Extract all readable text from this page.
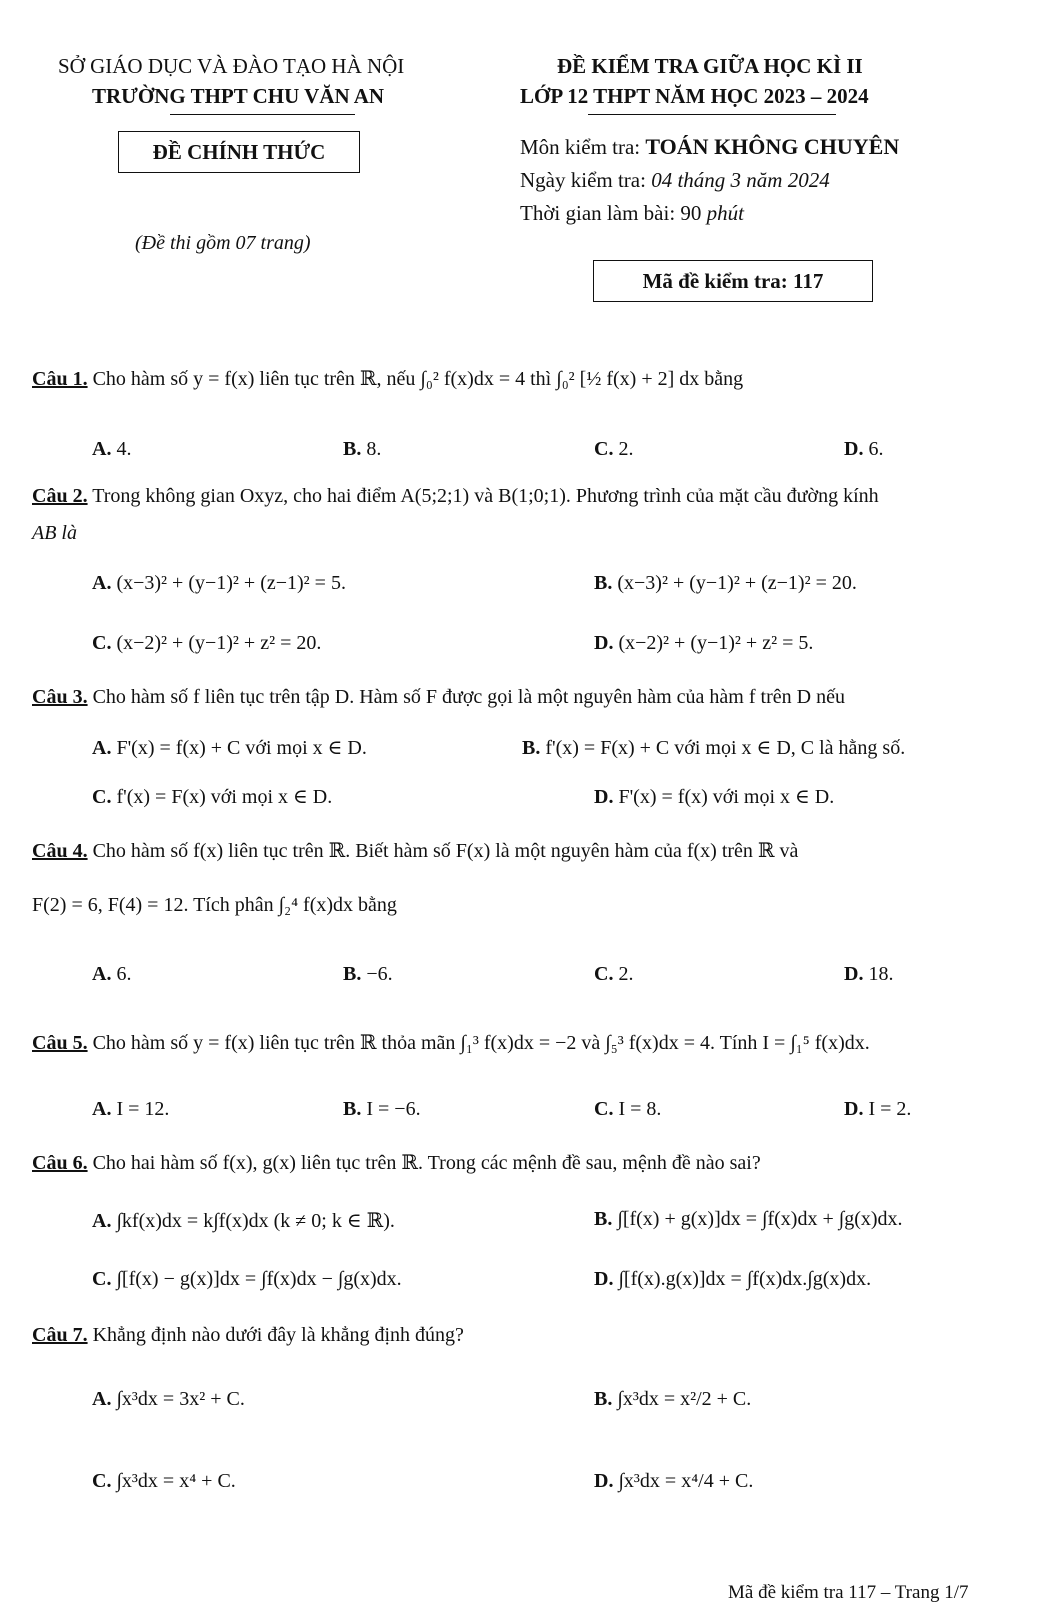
SỞ GIÁO DỤC VÀ ĐÀO TẠO HÀ NỘI
TRƯỜNG THPT CHU VĂN AN
ĐỀ CHÍNH THỨC
(Đề thi gồm 07 trang)
ĐỀ KIỂM TRA GIỮA HỌC KÌ II
LỚP 12 THPT NĂM HỌC 2023 – 2024
Môn kiểm tra: TOÁN KHÔNG CHUYÊN
Ngày kiểm tra: 04 tháng 3 năm 2024
Thời gian làm bài: 90 phút
Mã đề kiểm tra: 117
Câu 1. Cho hàm số y = f(x) liên tục trên ℝ, nếu ∫₀² f(x)dx = 4 thì ∫₀² [½ f(x) + 2] dx bằng
A. 4.	B. 8.	C. 2.	D. 6.
Câu 2. Trong không gian Oxyz, cho hai điểm A(5;2;1) và B(1;0;1). Phương trình của mặt cầu đường kính
AB là
A. (x−3)² + (y−1)² + (z−1)² = 5.	B. (x−3)² + (y−1)² + (z−1)² = 20.
C. (x−2)² + (y−1)² + z² = 20.	D. (x−2)² + (y−1)² + z² = 5.
Câu 3. Cho hàm số f liên tục trên tập D. Hàm số F được gọi là một nguyên hàm của hàm f trên D nếu
A. F'(x) = f(x) + C với mọi x ∈ D.	B. f'(x) = F(x) + C với mọi x ∈ D, C là hằng số.
C. f'(x) = F(x) với mọi x ∈ D.	D. F'(x) = f(x) với mọi x ∈ D.
Câu 4. Cho hàm số f(x) liên tục trên ℝ. Biết hàm số F(x) là một nguyên hàm của f(x) trên ℝ và
F(2) = 6, F(4) = 12. Tích phân ∫₂⁴ f(x)dx bằng
A. 6.	B. −6.	C. 2.	D. 18.
Câu 5. Cho hàm số y = f(x) liên tục trên ℝ thỏa mãn ∫₁³ f(x)dx = −2 và ∫₅³ f(x)dx = 4. Tính I = ∫₁⁵ f(x)dx.
A. I = 12.	B. I = −6.	C. I = 8.	D. I = 2.
Câu 6. Cho hai hàm số f(x), g(x) liên tục trên ℝ. Trong các mệnh đề sau, mệnh đề nào sai?
A. ∫kf(x)dx = k∫f(x)dx (k ≠ 0; k ∈ ℝ).	B. ∫[f(x) + g(x)]dx = ∫f(x)dx + ∫g(x)dx.
C. ∫[f(x) − g(x)]dx = ∫f(x)dx − ∫g(x)dx.	D. ∫[f(x).g(x)]dx = ∫f(x)dx.∫g(x)dx.
Câu 7. Khẳng định nào dưới đây là khẳng định đúng?
A. ∫x³dx = 3x² + C.	B. ∫x³dx = x²/2 + C.
C. ∫x³dx = x⁴ + C.	D. ∫x³dx = x⁴/4 + C.
Mã đề kiểm tra 117 – Trang 1/7
